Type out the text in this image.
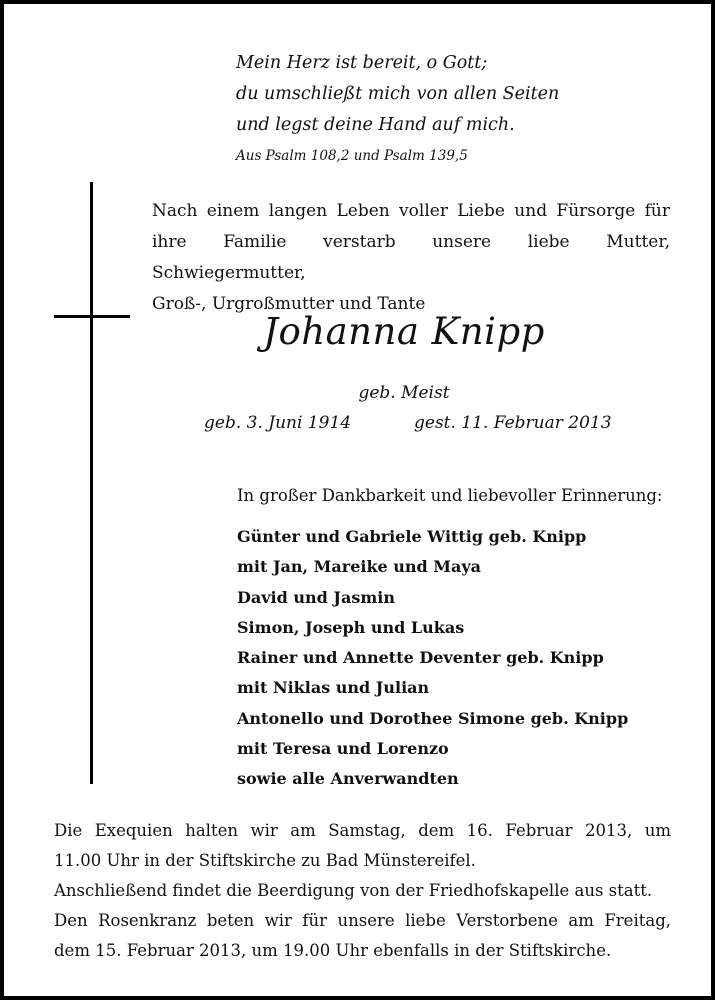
Mein Herz ist bereit, o Gott;
du umschließt mich von allen Seiten
und legst deine Hand auf mich.
Aus Psalm 108,2 und Psalm 139,5
Nach einem langen Leben voller Liebe und Fürsorge für
ihre Familie verstarb unsere liebe Mutter, Schwiegermutter,
Groß-, Urgroßmutter und Tante
Johanna Knipp
geb. Meist
geb. 3. Juni 1914	gest. 11. Februar 2013
In großer Dankbarkeit und liebevoller Erinnerung:
Günter und Gabriele Wittig geb. Knipp
mit Jan, Mareike und Maya
David und Jasmin
Simon, Joseph und Lukas
Rainer und Annette Deventer geb. Knipp
mit Niklas und Julian
Antonello und Dorothee Simone geb. Knipp
mit Teresa und Lorenzo
sowie alle Anverwandten
Die Exequien halten wir am Samstag, dem 16. Februar 2013, um
11.00 Uhr in der Stiftskirche zu Bad Münstereifel.
Anschließend findet die Beerdigung von der Friedhofskapelle aus statt.
Den Rosenkranz beten wir für unsere liebe Verstorbene am Freitag,
dem 15. Februar 2013, um 19.00 Uhr ebenfalls in der Stiftskirche.
